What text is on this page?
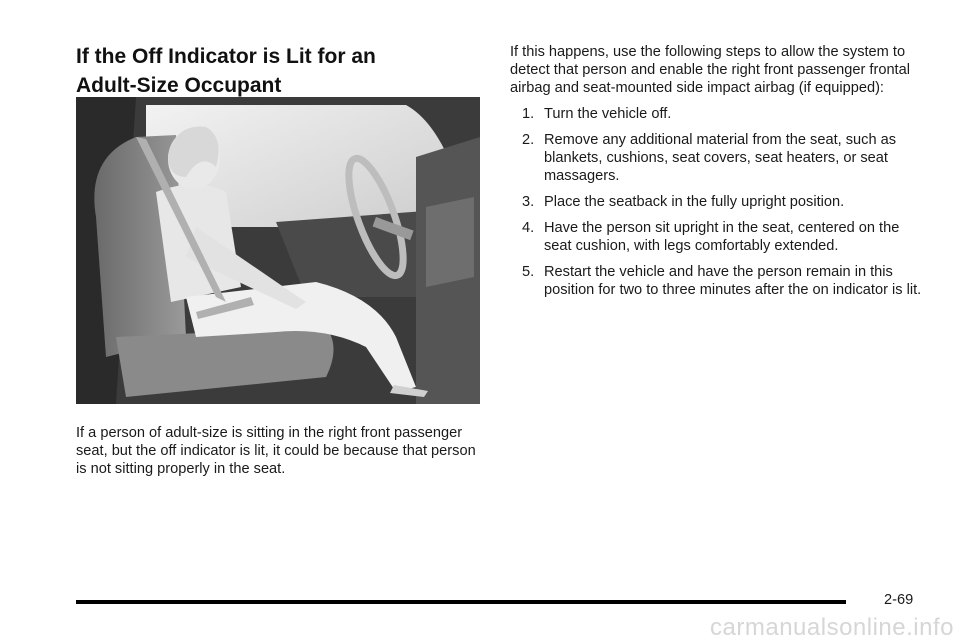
If the Off Indicator is Lit for an
Adult-Size Occupant

If a person of adult-size is sitting in the right front passenger seat, but the off indicator is lit, it could be because that person is not sitting properly in the seat.

If this happens, use the following steps to allow the system to detect that person and enable the right front passenger frontal airbag and seat-mounted side impact airbag (if equipped):

1. Turn the vehicle off.
2. Remove any additional material from the seat, such as blankets, cushions, seat covers, seat heaters, or seat massagers.
3. Place the seatback in the fully upright position.
4. Have the person sit upright in the seat, centered on the seat cushion, with legs comfortably extended.
5. Restart the vehicle and have the person remain in this position for two to three minutes after the on indicator is lit.
2-69
carmanualsonline.info
